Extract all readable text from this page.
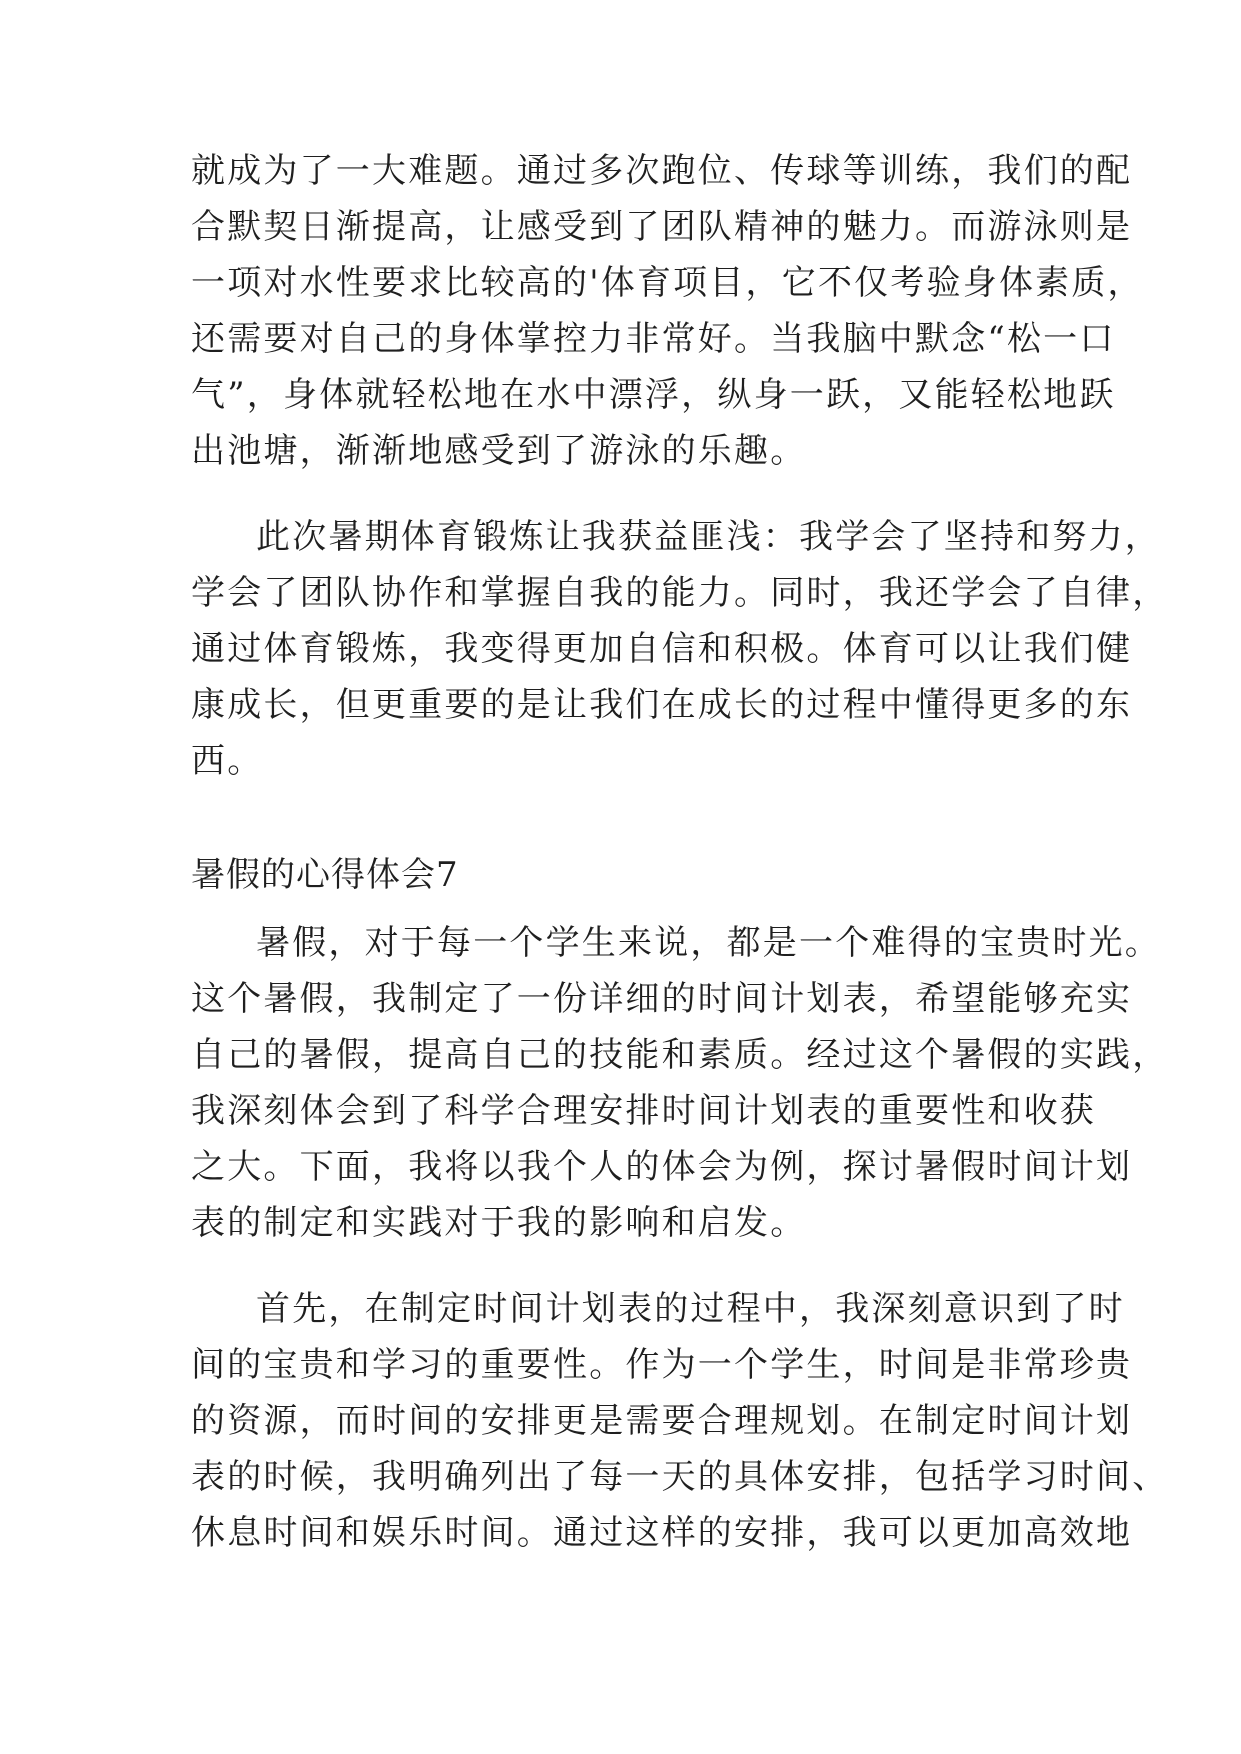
就成为了一大难题。通过多次跑位、传球等训练，我们的配

合默契日渐提高，让感受到了团队精神的魅力。而游泳则是

一项对水性要求比较高的'体育项目，它不仅考验身体素质，

还需要对自己的身体掌控力非常好。当我脑中默念“松一口

气”，身体就轻松地在水中漂浮，纵身一跃，又能轻松地跃

出池塘，渐渐地感受到了游泳的乐趣。

此次暑期体育锻炼让我获益匪浅：我学会了坚持和努力，

学会了团队协作和掌握自我的能力。同时，我还学会了自律，

通过体育锻炼，我变得更加自信和积极。体育可以让我们健

康成长，但更重要的是让我们在成长的过程中懂得更多的东

西。

暑假的心得体会7

暑假，对于每一个学生来说，都是一个难得的宝贵时光。

这个暑假，我制定了一份详细的时间计划表，希望能够充实

自己的暑假，提高自己的技能和素质。经过这个暑假的实践，

我深刻体会到了科学合理安排时间计划表的重要性和收获

之大。下面，我将以我个人的体会为例，探讨暑假时间计划

表的制定和实践对于我的影响和启发。

首先，在制定时间计划表的过程中，我深刻意识到了时

间的宝贵和学习的重要性。作为一个学生，时间是非常珍贵

的资源，而时间的安排更是需要合理规划。在制定时间计划

表的时候，我明确列出了每一天的具体安排，包括学习时间、

休息时间和娱乐时间。通过这样的安排，我可以更加高效地
